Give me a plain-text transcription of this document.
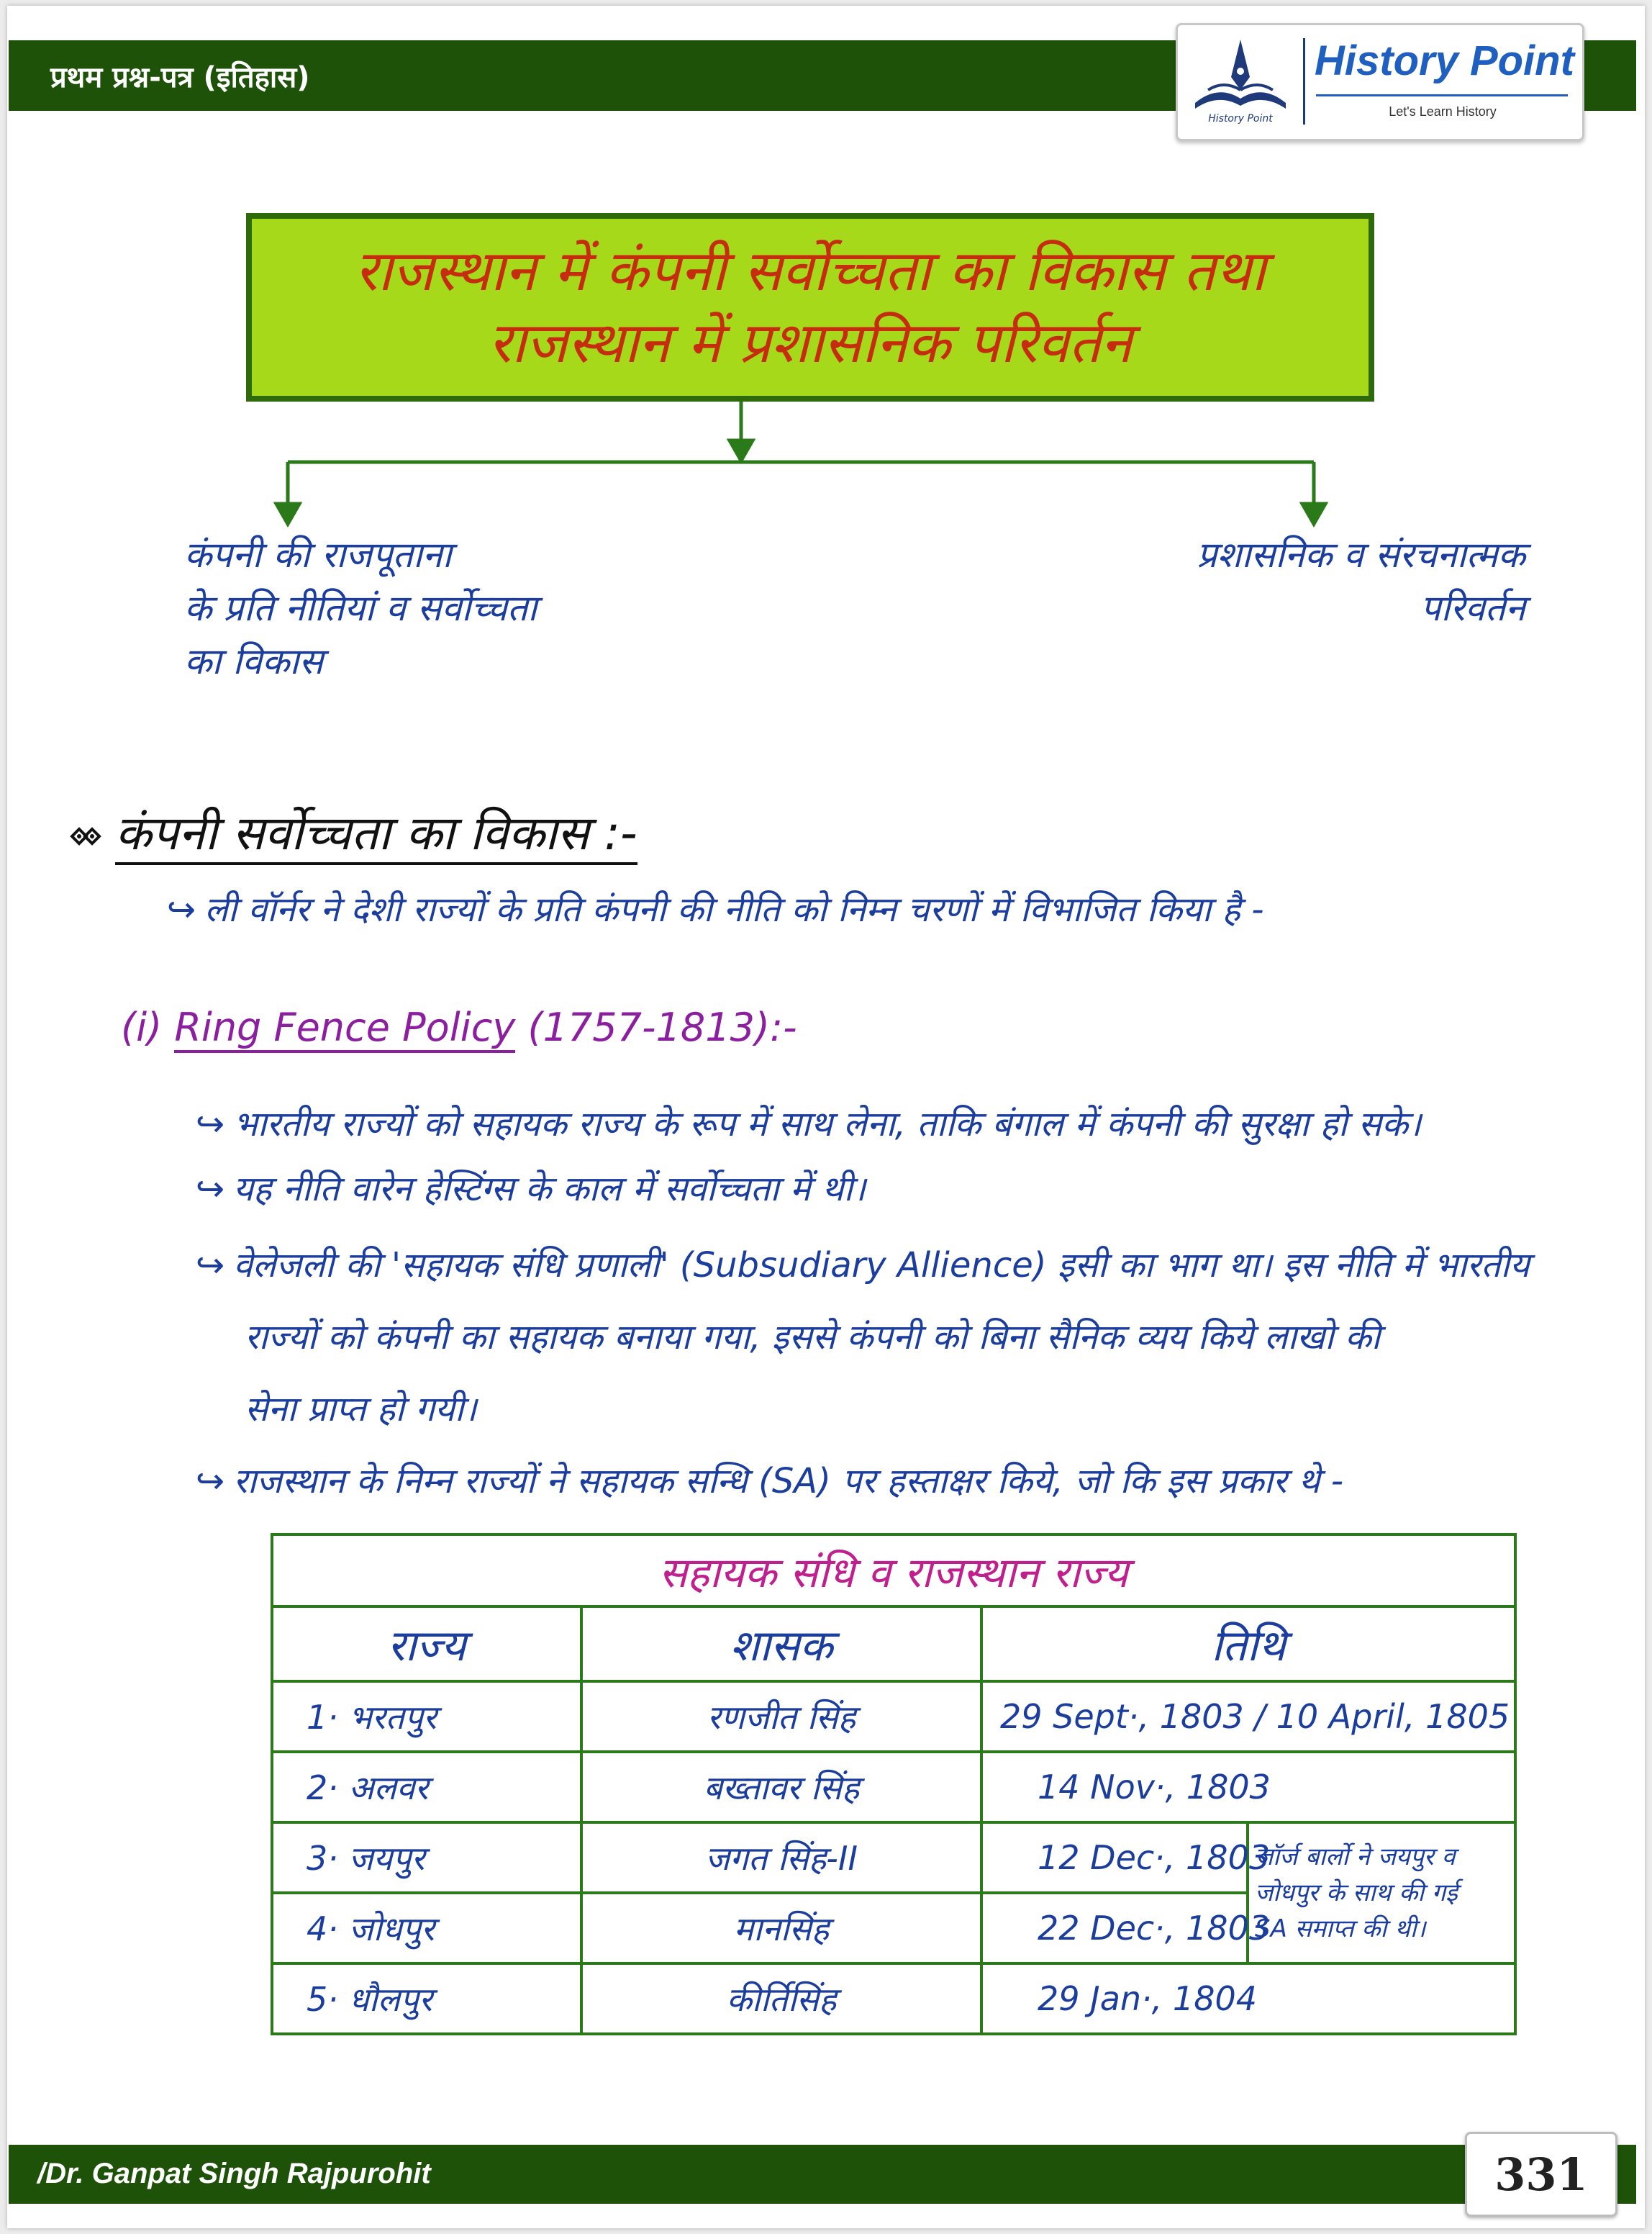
प्रथम प्रश्न-पत्र (इतिहास)
History Point
History Point
Let's Learn History
राजस्थान में कंपनी सर्वोच्चता का विकास तथा
राजस्थान में प्रशासनिक परिवर्तन
कंपनी की राजपूताना
के प्रति नीतियां व सर्वोच्चता
का विकास
प्रशासनिक व संरचनात्मक
परिवर्तन
कंपनी सर्वोच्चता का विकास :-
↪ ली वॉर्नर ने देशी राज्यों के प्रति कंपनी की नीति को निम्न चरणों में विभाजित किया है -
(i) Ring Fence Policy (1757-1813):-
↪ भारतीय राज्यों को सहायक राज्य के रूप में साथ लेना, ताकि बंगाल में कंपनी की सुरक्षा हो सके।
↪ यह नीति वारेन हेस्टिंग्स के काल में सर्वोच्चता में थी।
↪ वेलेजली की 'सहायक संधि प्रणाली' (Subsudiary Allience) इसी का भाग था। इस नीति में भारतीय
राज्यों को कंपनी का सहायक बनाया गया, इससे कंपनी को बिना सैनिक व्यय किये लाखो की
सेना प्राप्त हो गयी।
↪ राजस्थान के निम्न राज्यों ने सहायक सन्धि (SA) पर हस्ताक्षर किये, जो कि इस प्रकार थे -
सहायक संधि व राजस्थान राज्य			
राज्य	शासक	तिथि	
1· भरतपुर	रणजीत सिंह	29 Sept·, 1803 / 10 April, 1805	
2· अलवर	बख्तावर सिंह	14 Nov·, 1803	
3· जयपुर	जगत सिंह-II	12 Dec·, 1803	जॉर्ज बार्लो ने जयपुर व
जोधपुर के साथ की गई
SA समाप्त की थी।

4· जोधपुर	मानसिंह	22 Dec·, 1803	
5· धौलपुर	कीर्तिसिंह	29 Jan·, 1804	
/Dr. Ganpat Singh Rajpurohit	331
